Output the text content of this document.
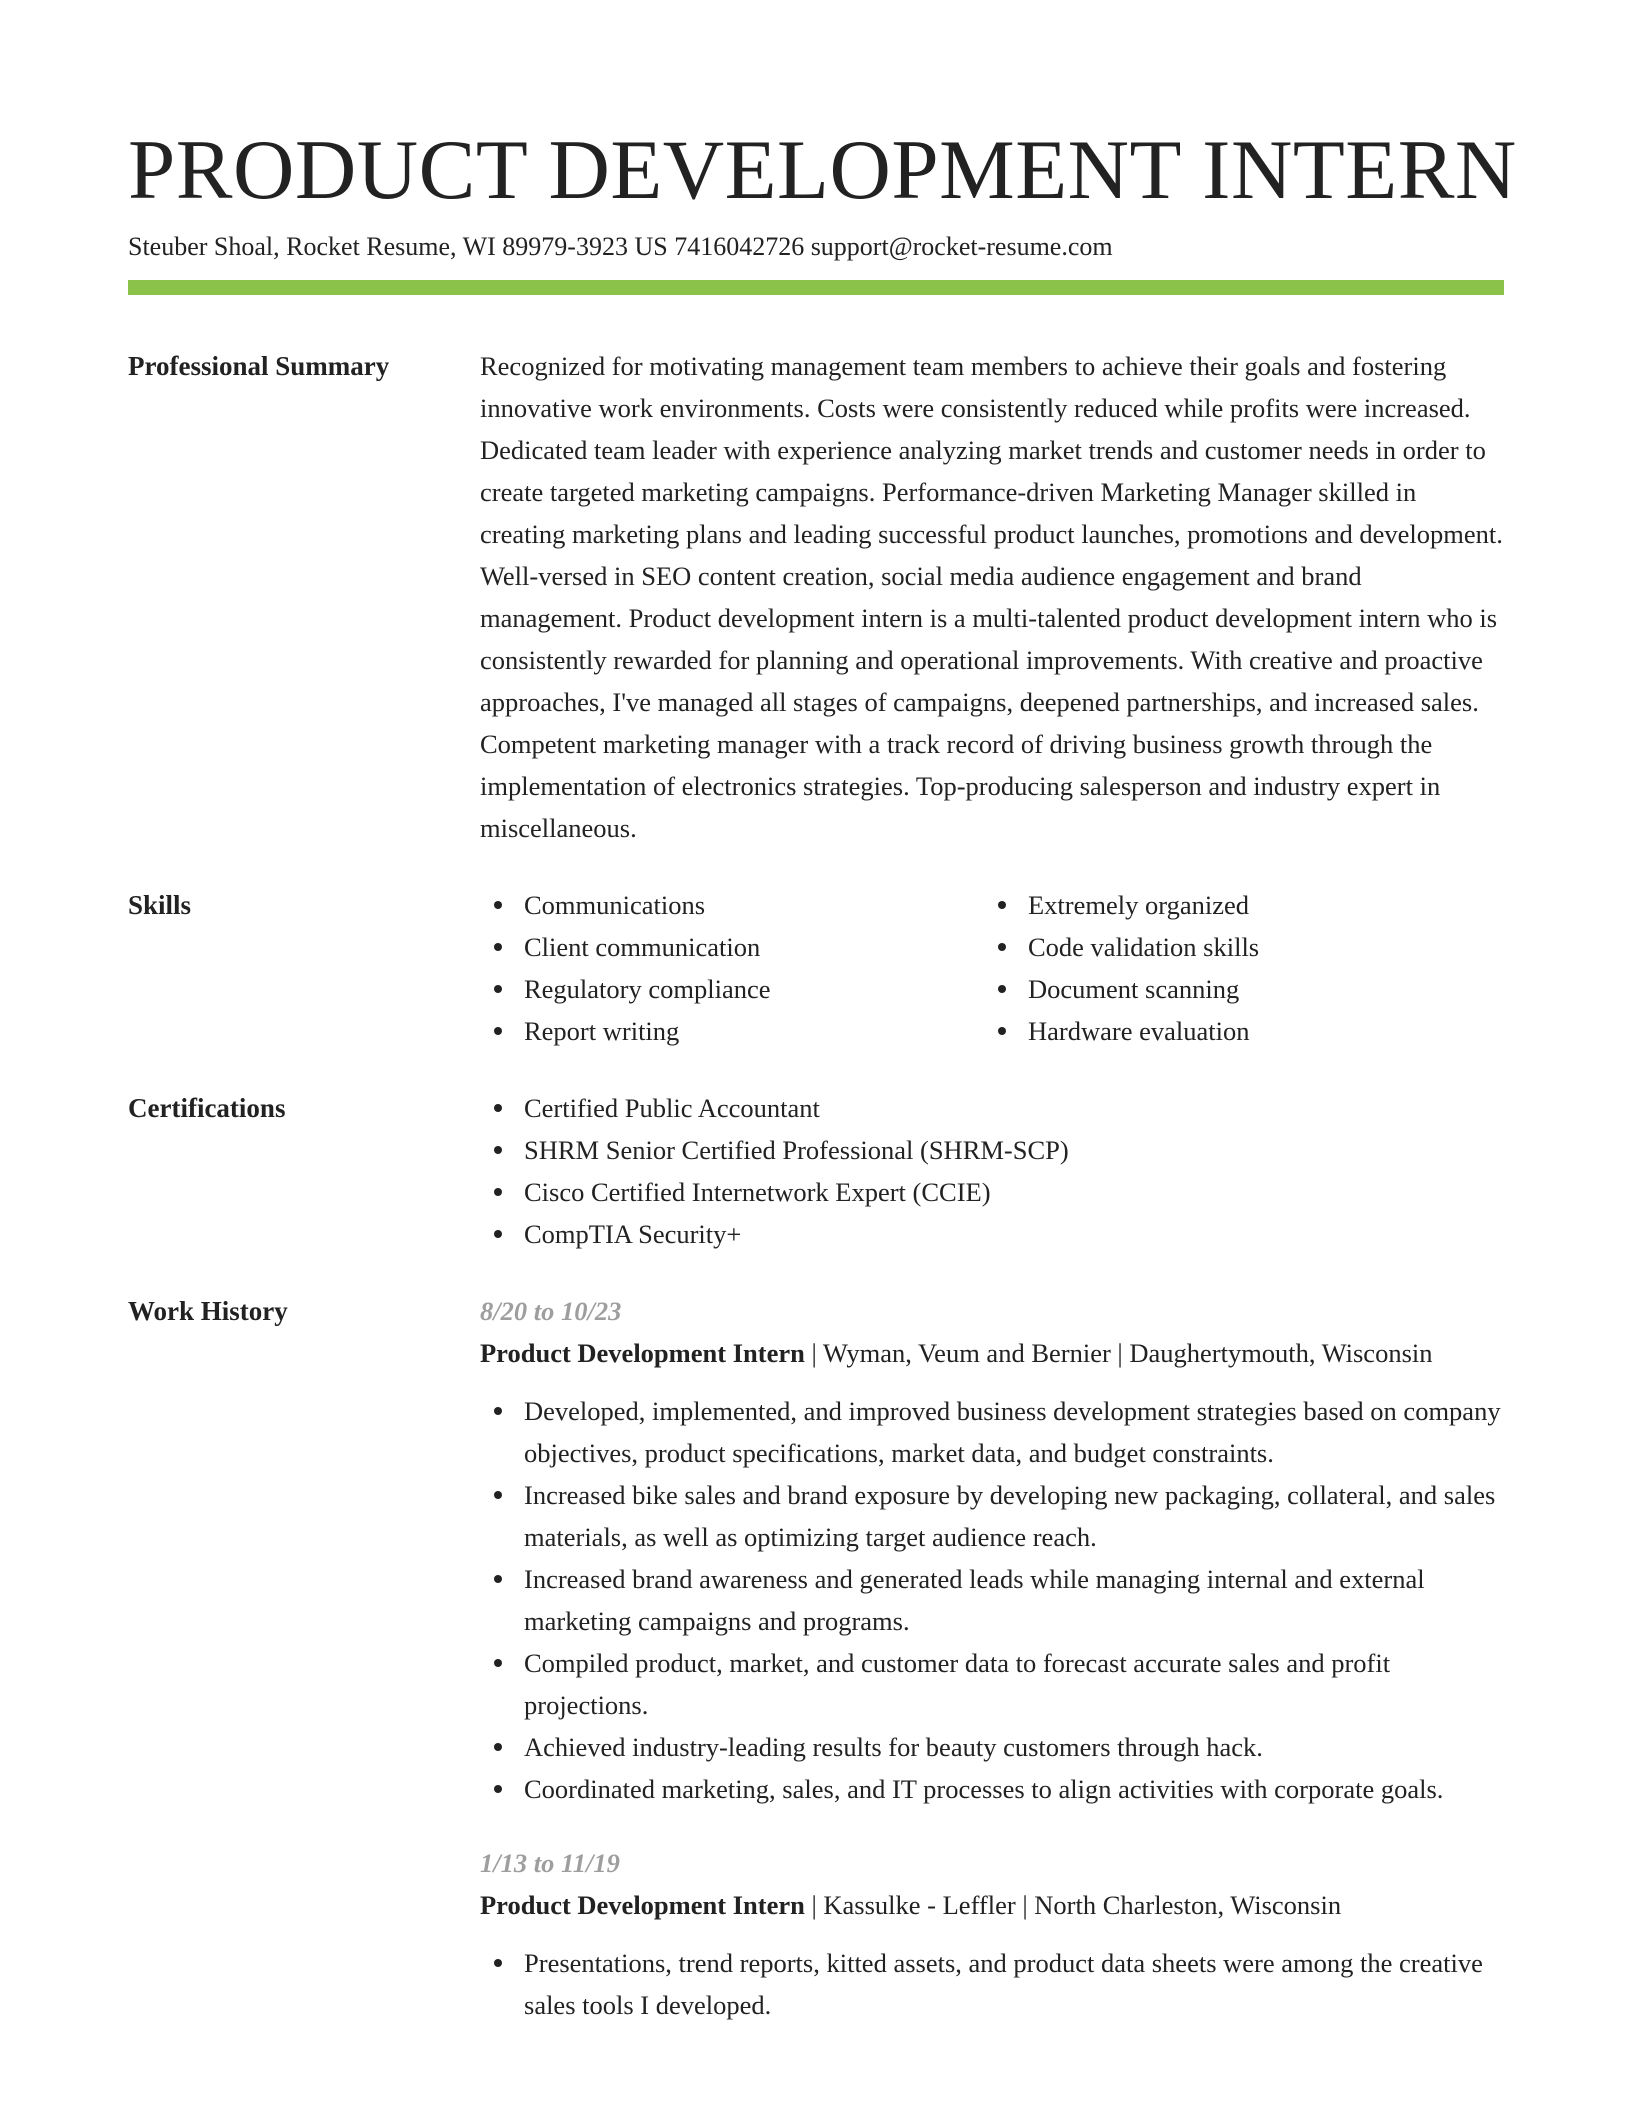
PRODUCT DEVELOPMENT INTERN
Steuber Shoal, Rocket Resume, WI 89979-3923 US 7416042726 support@rocket-resume.com
Professional Summary	Recognized for motivating management team members to achieve their goals and fostering innovative work environments. Costs were consistently reduced while profits were increased. Dedicated team leader with experience analyzing market trends and customer needs in order to create targeted marketing campaigns. Performance-driven Marketing Manager skilled in creating marketing plans and leading successful product launches, promotions and development. Well-versed in SEO content creation, social media audience engagement and brand management. Product development intern is a multi-talented product development intern who is consistently rewarded for planning and operational improvements. With creative and proactive approaches, I've managed all stages of campaigns, deepened partnerships, and increased sales. Competent marketing manager with a track record of driving business growth through the implementation of electronics strategies. Top-producing salesperson and industry expert in miscellaneous.
Skills	Communications
Client communication
Regulatory compliance
Report writing
Extremely organized
Code validation skills
Document scanning
Hardware evaluation
Certifications	Certified Public Accountant
SHRM Senior Certified Professional (SHRM-SCP)
Cisco Certified Internetwork Expert (CCIE)
CompTIA Security+
Work History	8/20 to 10/23
Product Development Intern | Wyman, Veum and Bernier | Daughertymouth, Wisconsin
Developed, implemented, and improved business development strategies based on company objectives, product specifications, market data, and budget constraints.
Increased bike sales and brand exposure by developing new packaging, collateral, and sales materials, as well as optimizing target audience reach.
Increased brand awareness and generated leads while managing internal and external marketing campaigns and programs.
Compiled product, market, and customer data to forecast accurate sales and profit projections.
Achieved industry-leading results for beauty customers through hack.
Coordinated marketing, sales, and IT processes to align activities with corporate goals.
1/13 to 11/19
Product Development Intern | Kassulke - Leffler | North Charleston, Wisconsin
Presentations, trend reports, kitted assets, and product data sheets were among the creative sales tools I developed.
